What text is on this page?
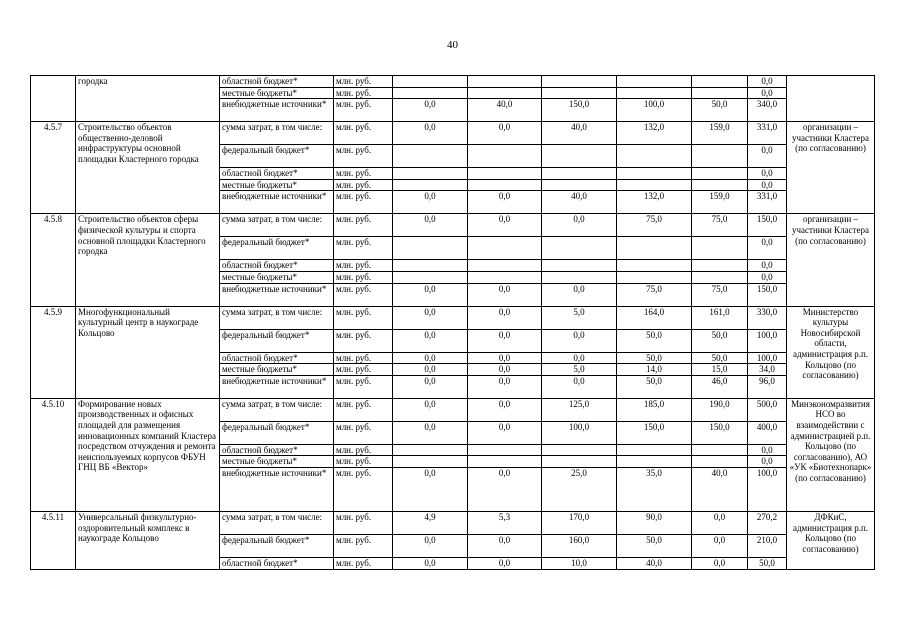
40
	городка	областной бюджет*	млн. руб.						0,0	
		местные бюджеты*	млн. руб.						0,0	
		внебюджетные источники*	млн. руб.	0,0	40,0	150,0	100,0	50,0	340,0	
4.5.7	Строительство объектов общественно-деловой инфраструктуры основной площадки Кластерного городка	сумма затрат, в том числе:	млн. руб.	0,0	0,0	40,0	132,0	159,0	331,0	организации – участники Кластера (по согласованию)
		федеральный бюджет*	млн. руб.						0,0	
		областной бюджет*	млн. руб.						0,0	
		местные бюджеты*	млн. руб.						0,0	
		внебюджетные источники*	млн. руб.	0,0	0,0	40,0	132,0	159,0	331,0	
4.5.8	Строительство объектов сферы физической культуры и спорта основной площадки Кластерного городка	сумма затрат, в том числе:	млн. руб.	0,0	0,0	0,0	75,0	75,0	150,0	организации – участники Кластера (по согласованию)
		федеральный бюджет*	млн. руб.						0,0	
		областной бюджет*	млн. руб.						0,0	
		местные бюджеты*	млн. руб.						0,0	
		внебюджетные источники*	млн. руб.	0,0	0,0	0,0	75,0	75,0	150,0	
4.5.9	Многофункциональный культурный центр в наукограде Кольцово	сумма затрат, в том числе:	млн. руб.	0,0	0,0	5,0	164,0	161,0	330,0	Министерство культуры Новосибирской области, администрация р.п. Кольцово (по согласованию)
		федеральный бюджет*	млн. руб.	0,0	0,0	0,0	50,0	50,0	100,0	
		областной бюджет*	млн. руб.	0,0	0,0	0,0	50,0	50,0	100,0	
		местные бюджеты*	млн. руб.	0,0	0,0	5,0	14,0	15,0	34,0	
		внебюджетные источники*	млн. руб.	0,0	0,0	0,0	50,0	46,0	96,0	
4.5.10	Формирование новых производственных и офисных площадей для размещения инновационных компаний Кластера посредством отчуждения и ремонта неиспользуемых корпусов ФБУН ГНЦ ВБ «Вектор»	сумма затрат, в том числе:	млн. руб.	0,0	0,0	125,0	185,0	190,0	500,0	Минэкономразвития НСО во взаимодействии с администрацией р.п. Кольцово (по согласованию), АО «УК «Биотехнопарк» (по согласованию)
		федеральный бюджет*	млн. руб.	0,0	0,0	100,0	150,0	150,0	400,0	
		областной бюджет*	млн. руб.						0,0	
		местные бюджеты*	млн. руб.						0,0	
		внебюджетные источники*	млн. руб.	0,0	0,0	25,0	35,0	40,0	100,0	
4.5.11	Универсальный физкультурно-оздоровительный комплекс в наукограде Кольцово	сумма затрат, в том числе:	млн. руб.	4,9	5,3	170,0	90,0	0,0	270,2	ДФКиС, администрация р.п. Кольцово (по согласованию)
		федеральный бюджет*	млн. руб.	0,0	0,0	160,0	50,0	0,0	210,0	
		областной бюджет*	млн. руб.	0,0	0,0	10,0	40,0	0,0	50,0	
